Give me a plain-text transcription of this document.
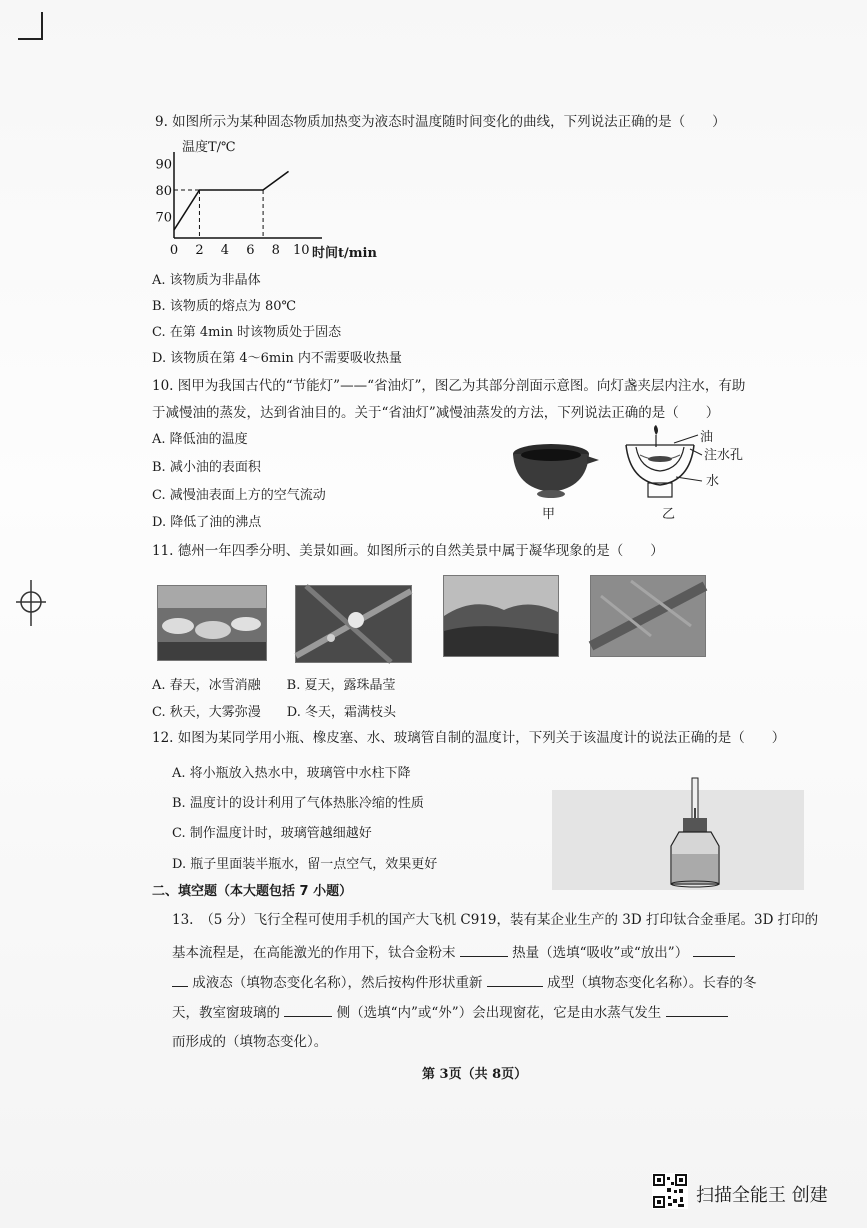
9. 如图所示为某种固态物质加热变为液态时温度随时间变化的曲线，下列说法正确的是（　　）
温度T/℃
90
80
70
0 2 4 6 8 10 时间t/min
A. 该物质为非晶体
B. 该物质的熔点为 80℃
C. 在第 4min 时该物质处于固态
D. 该物质在第 4～6min 内不需要吸收热量
10. 图甲为我国古代的“节能灯”——“省油灯”，图乙为其部分剖面示意图。向灯盏夹层内注水，有助
于减慢油的蒸发，达到省油目的。关于“省油灯”减慢油蒸发的方法，下列说法正确的是（　　）
A. 降低油的温度
B. 减小油的表面积
C. 减慢油表面上方的空气流动
D. 降低了油的沸点
甲
油
注水孔
水
乙
11. 德州一年四季分明、美景如画。如图所示的自然美景中属于凝华现象的是（　　）
A. 春天，冰雪消融　　B. 夏天，露珠晶莹
C. 秋天，大雾弥漫　　D. 冬天，霜满枝头
12. 如图为某同学用小瓶、橡皮塞、水、玻璃管自制的温度计，下列关于该温度计的说法正确的是（　　）
A. 将小瓶放入热水中，玻璃管中水柱下降
B. 温度计的设计利用了气体热胀冷缩的性质
C. 制作温度计时，玻璃管越细越好
D. 瓶子里面装半瓶水，留一点空气，效果更好
二、填空题（本大题包括 7 小题）
13.　（5 分）飞行全程可使用手机的国产大飞机 C919，装有某企业生产的 3D 打印钛合金垂尾。3D 打印的
基本流程是，在高能激光的作用下，钛合金粉末	热量（选填“吸收”或“放出”）
成液态（填物态变化名称），然后按构件形状重新	成型（填物态变化名称）。长春的冬
天，教室窗玻璃的	侧（选填“内”或“外”）会出现窗花，它是由水蒸气发生
而形成的（填物态变化）。
第 3页（共 8页）
扫描全能王 创建
